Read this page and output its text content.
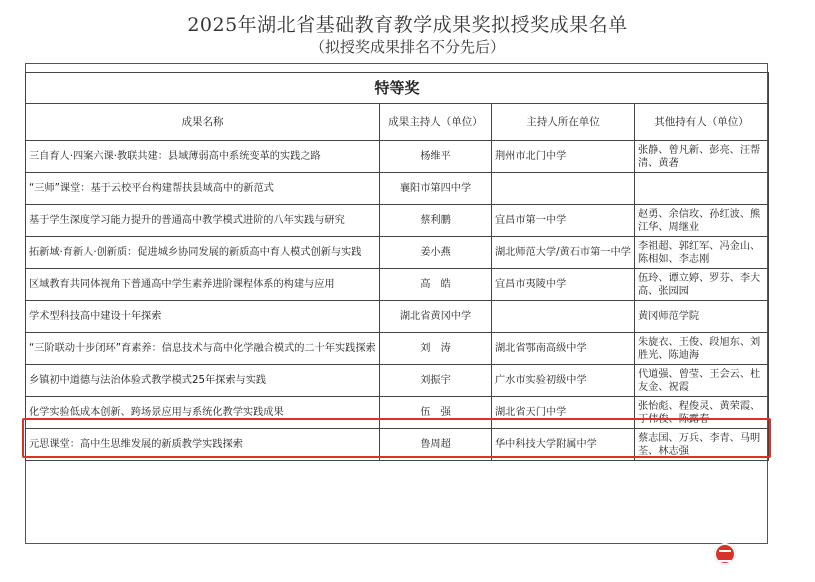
2025年湖北省基础教育教学成果奖拟授奖成果名单
（拟授奖成果排名不分先后）
特等奖			
成果名称	成果主持人（单位）	主持人所在单位	其他持有人（单位）
三自育人·四案六课·教联共建：县域薄弱高中系统变革的实践之路	杨维平	荆州市北门中学	张静、曾凡新、彭亮、汪帮清、黄砻
“三师”课堂：基于云校平台构建帮扶县域高中的新范式	襄阳市第四中学		
基于学生深度学习能力提升的普通高中教学模式进阶的八年实践与研究	蔡利鹏	宜昌市第一中学	赵勇、余信玫、孙红波、熊江华、周继业
拓新域·育新人·创新质：促进城乡协同发展的新质高中育人模式创新与实践	姜小燕	湖北师范大学/黄石市第一中学	李祖超、郭红军、冯金山、陈相如、李志刚
区域教育共同体视角下普通高中学生素养进阶课程体系的构建与应用	高　皓	宜昌市夷陵中学	伍玲、谭立婷、罗芬、李大高、张园园
学术型科技高中建设十年探索	湖北省黄冈中学		黄冈师范学院
“三阶联动十步闭环”育素养：信息技术与高中化学融合模式的二十年实践探索	刘　涛	湖北省鄂南高级中学	朱旋衣、王俊、段旭东、刘胜光、陈迪海
乡镇初中道德与法治体验式教学模式25年探索与实践	刘振宇	广水市实验初级中学	代道强、曾莹、王会云、杜友金、祝霞
化学实验低成本创新、跨场景应用与系统化教学实践成果	伍　强	湖北省天门中学	张怡彪、程俊灵、黄荣霞、丁伟俊、陈露春
元思课堂：高中生思维发展的新质教学实践探索	鲁周超	华中科技大学附属中学	蔡志国、万兵、李青、马明荃、林志强
